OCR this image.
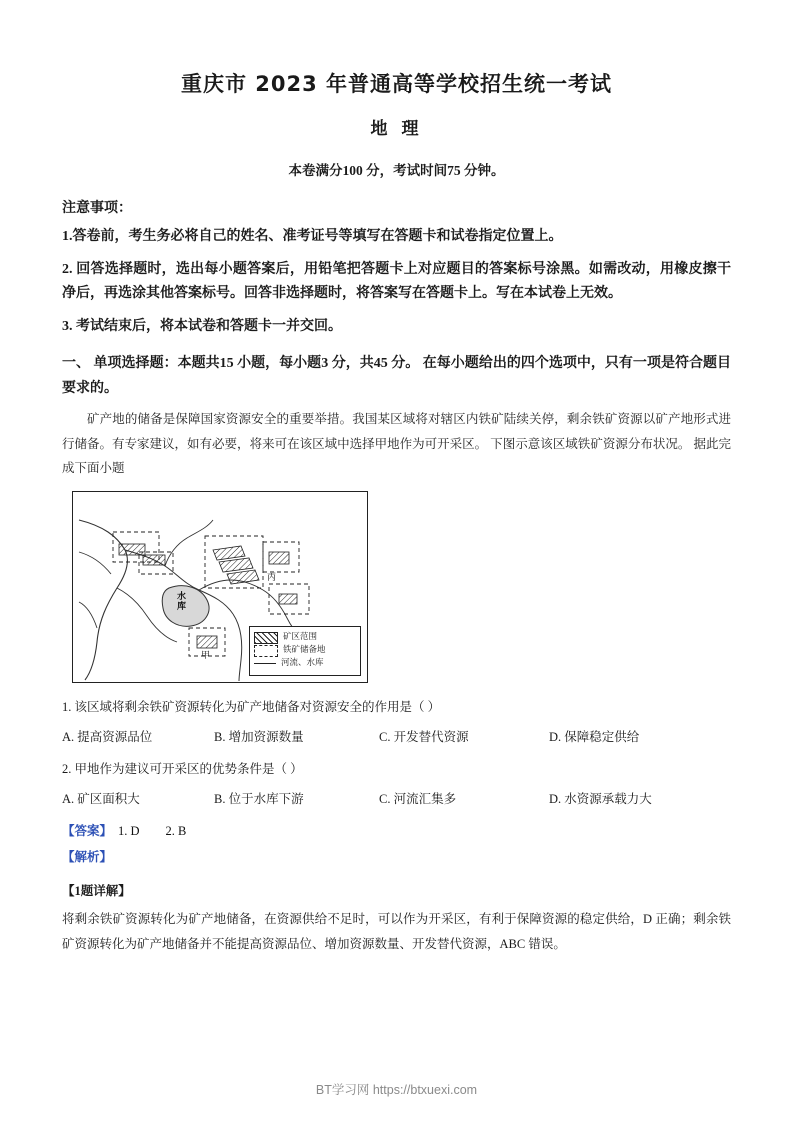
重庆市 2023 年普通高等学校招生统一考试
地 理

本卷满分100 分，考试时间75 分钟。

注意事项：

1.答卷前，考生务必将自己的姓名、准考证号等填写在答题卡和试卷指定位置上。

2. 回答选择题时，选出每小题答案后，用铅笔把答题卡上对应题目的答案标号涂黑。如需改动，用橡皮擦干净后，再选涂其他答案标号。回答非选择题时，将答案写在答题卡上。写在本试卷上无效。

3. 考试结束后，将本试卷和答题卡一并交回。

一、 单项选择题：本题共15 小题，每小题3 分，共45 分。 在每小题给出的四个选项中，只有一项是符合题目要求的。

矿产地的储备是保障国家资源安全的重要举措。我国某区域将对辖区内铁矿陆续关停，剩余铁矿资源以矿产地形式进行储备。有专家建议，如有必要，将来可在该区域中选择甲地作为可开采区。 下图示意该区域铁矿资源分布状况。 据此完成下面小题

水
库
丙
甲
矿区范围
铁矿储备地
河流、水库

1. 该区域将剩余铁矿资源转化为矿产地储备对资源安全的作用是（ ）

A. 提高资源品位	B. 增加资源数量	C. 开发替代资源	D. 保障稳定供给

2. 甲地作为建议可开采区的优势条件是（ ）

A. 矿区面积大	B. 位于水库下游	C. 河流汇集多	D. 水资源承载力大

【答案】 1. D 2. B

【解析】

【1题详解】

将剩余铁矿资源转化为矿产地储备，在资源供给不足时，可以作为开采区，有利于保障资源的稳定供给，D 正确；剩余铁矿资源转化为矿产地储备并不能提高资源品位、增加资源数量、开发替代资源，ABC 错误。

BT学习网 https://btxuexi.com
